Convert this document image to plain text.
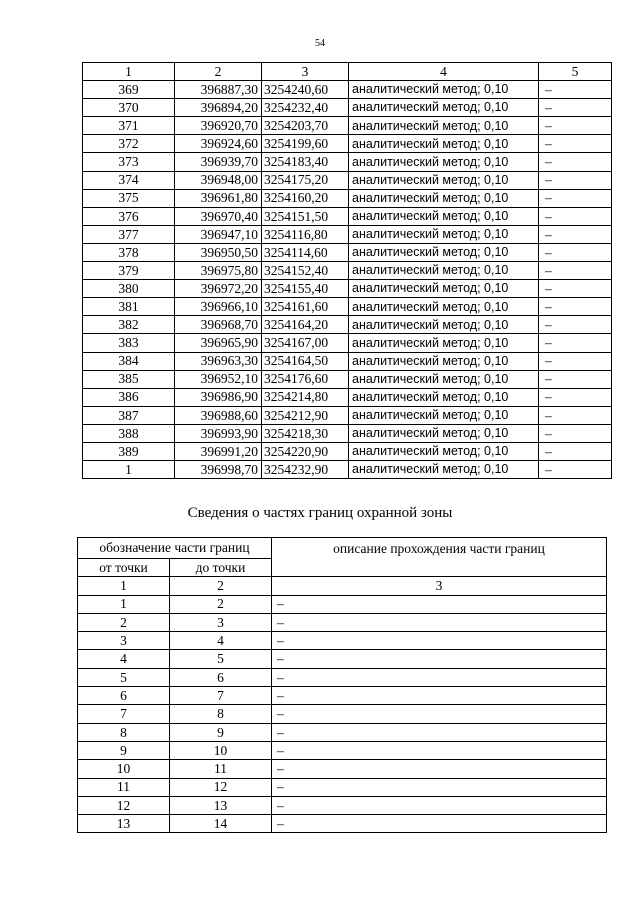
54
1	2	3	4	5
369	396887,30	3254240,60	аналитический метод; 0,10	–
370	396894,20	3254232,40	аналитический метод; 0,10	–
371	396920,70	3254203,70	аналитический метод; 0,10	–
372	396924,60	3254199,60	аналитический метод; 0,10	–
373	396939,70	3254183,40	аналитический метод; 0,10	–
374	396948,00	3254175,20	аналитический метод; 0,10	–
375	396961,80	3254160,20	аналитический метод; 0,10	–
376	396970,40	3254151,50	аналитический метод; 0,10	–
377	396947,10	3254116,80	аналитический метод; 0,10	–
378	396950,50	3254114,60	аналитический метод; 0,10	–
379	396975,80	3254152,40	аналитический метод; 0,10	–
380	396972,20	3254155,40	аналитический метод; 0,10	–
381	396966,10	3254161,60	аналитический метод; 0,10	–
382	396968,70	3254164,20	аналитический метод; 0,10	–
383	396965,90	3254167,00	аналитический метод; 0,10	–
384	396963,30	3254164,50	аналитический метод; 0,10	–
385	396952,10	3254176,60	аналитический метод; 0,10	–
386	396986,90	3254214,80	аналитический метод; 0,10	–
387	396988,60	3254212,90	аналитический метод; 0,10	–
388	396993,90	3254218,30	аналитический метод; 0,10	–
389	396991,20	3254220,90	аналитический метод; 0,10	–
1	396998,70	3254232,90	аналитический метод; 0,10	–
Сведения о частях границ охранной зоны
обозначение части границ		описание прохождения части границ
от точки	до точки	
1	2	3
1	2	–
2	3	–
3	4	–
4	5	–
5	6	–
6	7	–
7	8	–
8	9	–
9	10	–
10	11	–
11	12	–
12	13	–
13	14	–
